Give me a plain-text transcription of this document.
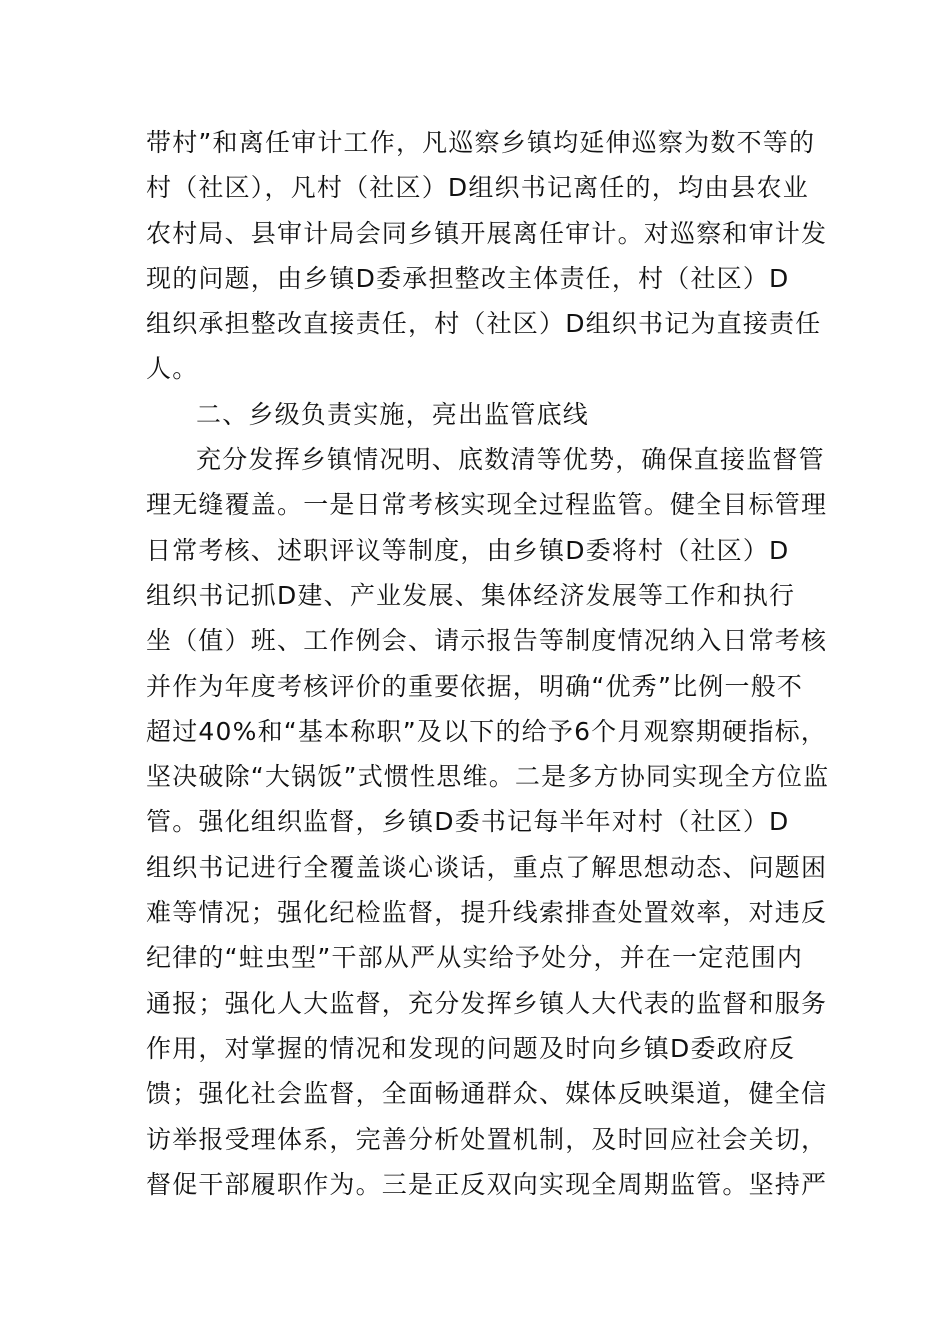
带村”和离任审计工作，凡巡察乡镇均延伸巡察为数不等的
村（社区），凡村（社区）D组织书记离任的，均由县农业
农村局、县审计局会同乡镇开展离任审计。对巡察和审计发
现的问题，由乡镇D委承担整改主体责任，村（社区）D
组织承担整改直接责任，村（社区）D组织书记为直接责任
人。
二、乡级负责实施，亮出监管底线
充分发挥乡镇情况明、底数清等优势，确保直接监督管
理无缝覆盖。一是日常考核实现全过程监管。健全目标管理
日常考核、述职评议等制度，由乡镇D委将村（社区）D
组织书记抓D建、产业发展、集体经济发展等工作和执行
坐（值）班、工作例会、请示报告等制度情况纳入日常考核
并作为年度考核评价的重要依据，明确“优秀”比例一般不
超过40%和“基本称职”及以下的给予6个月观察期硬指标，
坚决破除“大锅饭”式惯性思维。二是多方协同实现全方位监
管。强化组织监督，乡镇D委书记每半年对村（社区）D
组织书记进行全覆盖谈心谈话，重点了解思想动态、问题困
难等情况；强化纪检监督，提升线索排查处置效率，对违反
纪律的“蛀虫型”干部从严从实给予处分，并在一定范围内
通报；强化人大监督，充分发挥乡镇人大代表的监督和服务
作用，对掌握的情况和发现的问题及时向乡镇D委政府反
馈；强化社会监督，全面畅通群众、媒体反映渠道，健全信
访举报受理体系，完善分析处置机制，及时回应社会关切，
督促干部履职作为。三是正反双向实现全周期监管。坚持严
